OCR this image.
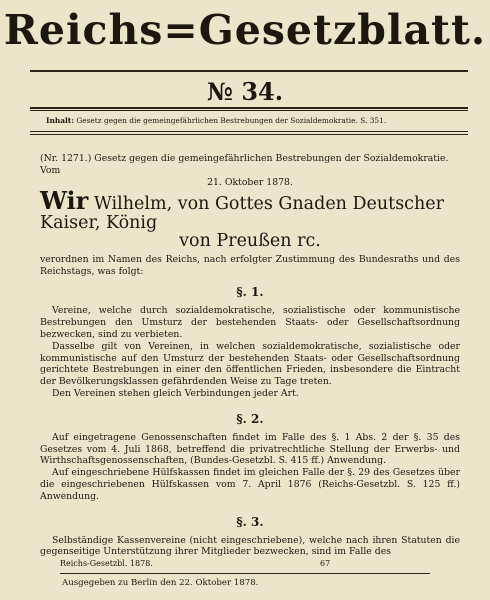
Reichs=Gesetzblatt.
№ 34.
Inhalt: Gesetz gegen die gemeingefährlichen Bestrebungen der Sozialdemokratie. S. 351.

(Nr. 1271.) Gesetz gegen die gemeingefährlichen Bestrebungen der Sozialdemokratie. Vom

21. Oktober 1878.

Wir Wilhelm, von Gottes Gnaden Deutscher Kaiser, König
von Preußen rc.

verordnen im Namen des Reichs, nach erfolgter Zustimmung des Bundesraths und des Reichstags, was folgt:

§. 1.

Vereine, welche durch sozialdemokratische, sozialistische oder kommunistische Bestrebungen den Umsturz der bestehenden Staats- oder Gesellschaftsordnung bezwecken, sind zu verbieten.

Dasselbe gilt von Vereinen, in welchen sozialdemokratische, sozialistische oder kommunistische auf den Umsturz der bestehenden Staats- oder Gesellschaftsordnung gerichtete Bestrebungen in einer den öffentlichen Frieden, insbesondere die Eintracht der Bevölkerungsklassen gefährdenden Weise zu Tage treten.

Den Vereinen stehen gleich Verbindungen jeder Art.

§. 2.

Auf eingetragene Genossenschaften findet im Falle des §. 1 Abs. 2 der §. 35 des Gesetzes vom 4. Juli 1868, betreffend die privatrechtliche Stellung der Erwerbs- und Wirthschaftsgenossenschaften, (Bundes-Gesetzbl. S. 415 ff.) Anwendung.

Auf eingeschriebene Hülfskassen findet im gleichen Falle der §. 29 des Gesetzes über die eingeschriebenen Hülfskassen vom 7. April 1876 (Reichs-Gesetzbl. S. 125 ff.) Anwendung.

§. 3.

Selbständige Kassenvereine (nicht eingeschriebene), welche nach ihren Statuten die gegenseitige Unterstützung ihrer Mitglieder bezwecken, sind im Falle des

Reichs-Gesetzbl. 1878.	67
Ausgegeben zu Berlin den 22. Oktober 1878.
